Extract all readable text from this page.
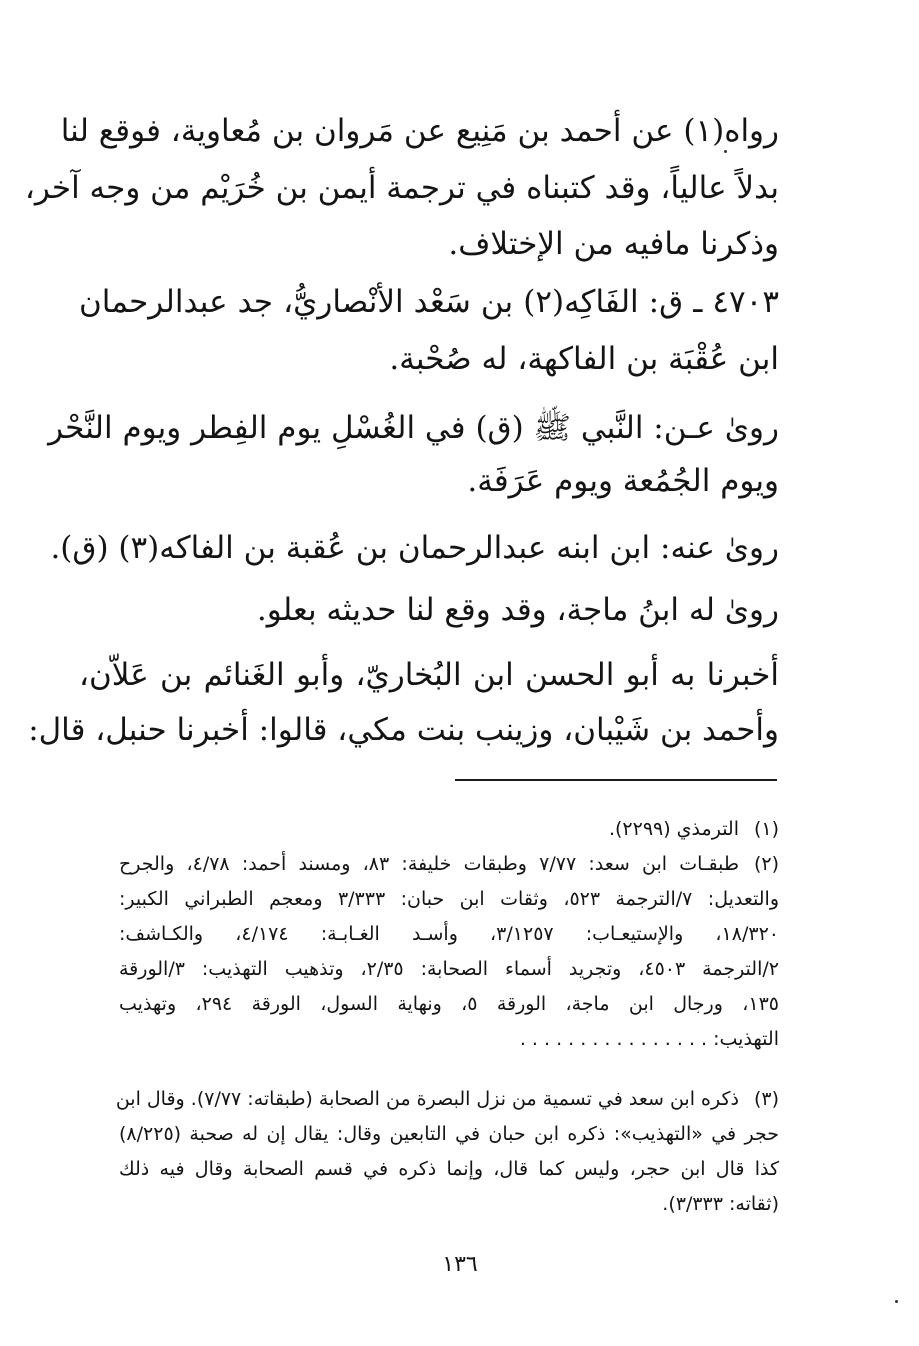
رواه(١) عن أحمد بن مَنِيع عن مَروان بن مُعاوية، فوقع لنا
بدلاً عالياً، وقد كتبناه في ترجمة أيمن بن خُرَيْم من وجه آخر،
وذكرنا مافيه من الإختلاف.
٤٧٠٣ ـ ق: الفَاكِه(٢) بن سَعْد الأنْصاريُّ، جد عبدالرحمان
ابن عُقْبَة بن الفاكهة، له صُحْبة.
روىٰ عـن: النَّبي ﷺ (ق) في الغُسْلِ يوم الفِطر ويوم النَّحْر
ويوم الجُمُعة ويوم عَرَفَة.
روىٰ عنه: ابن ابنه عبدالرحمان بن عُقبة بن الفاكه(٣) (ق).
روىٰ له ابنُ ماجة، وقد وقع لنا حديثه بعلو.
أخبرنا به أبو الحسن ابن البُخاريّ، وأبو الغَنائم بن عَلاّن،
وأحمد بن شَيْبان، وزينب بنت مكي، قالوا: أخبرنا حنبل، قال:
(١)
الترمذي (٢٢٩٩).
(٢)
طبقـات ابن سعد: ٧/٧٧ وطبقات خليفة: ٨٣، ومسند أحمد: ٤/٧٨، والجرح
والتعديل: ٧/الترجمة ٥٢٣، وثقات ابن حبان: ٣/٣٣٣ ومعجم الطبراني الكبير:
١٨/٣٢٠، والإستيعـاب: ٣/١٢٥٧، وأسـد الغـابـة: ٤/١٧٤، والكـاشف:
٢/الترجمة ٤٥٠٣، وتجريد أسماء الصحابة: ٢/٣٥، وتذهيب التهذيب: ٣/الورقة
١٣٥، ورجال ابن ماجة، الورقة ٥، ونهاية السول، الورقة ٢٩٤، وتهذيب
التهذيب: . . . . . . . . . . . . . . . .
(٣)
ذكره ابن سعد في تسمية من نزل البصرة من الصحابة (طبقاته: ٧/٧٧). وقال ابن
حجر في «التهذيب»: ذكره ابن حبان في التابعين وقال: يقال إن له صحبة (٨/٢٢٥)
كذا قال ابن حجر، وليس كما قال، وإنما ذكره في قسم الصحابة وقال فيه ذلك
(ثقاته: ٣/٣٣٣).
١٣٦
